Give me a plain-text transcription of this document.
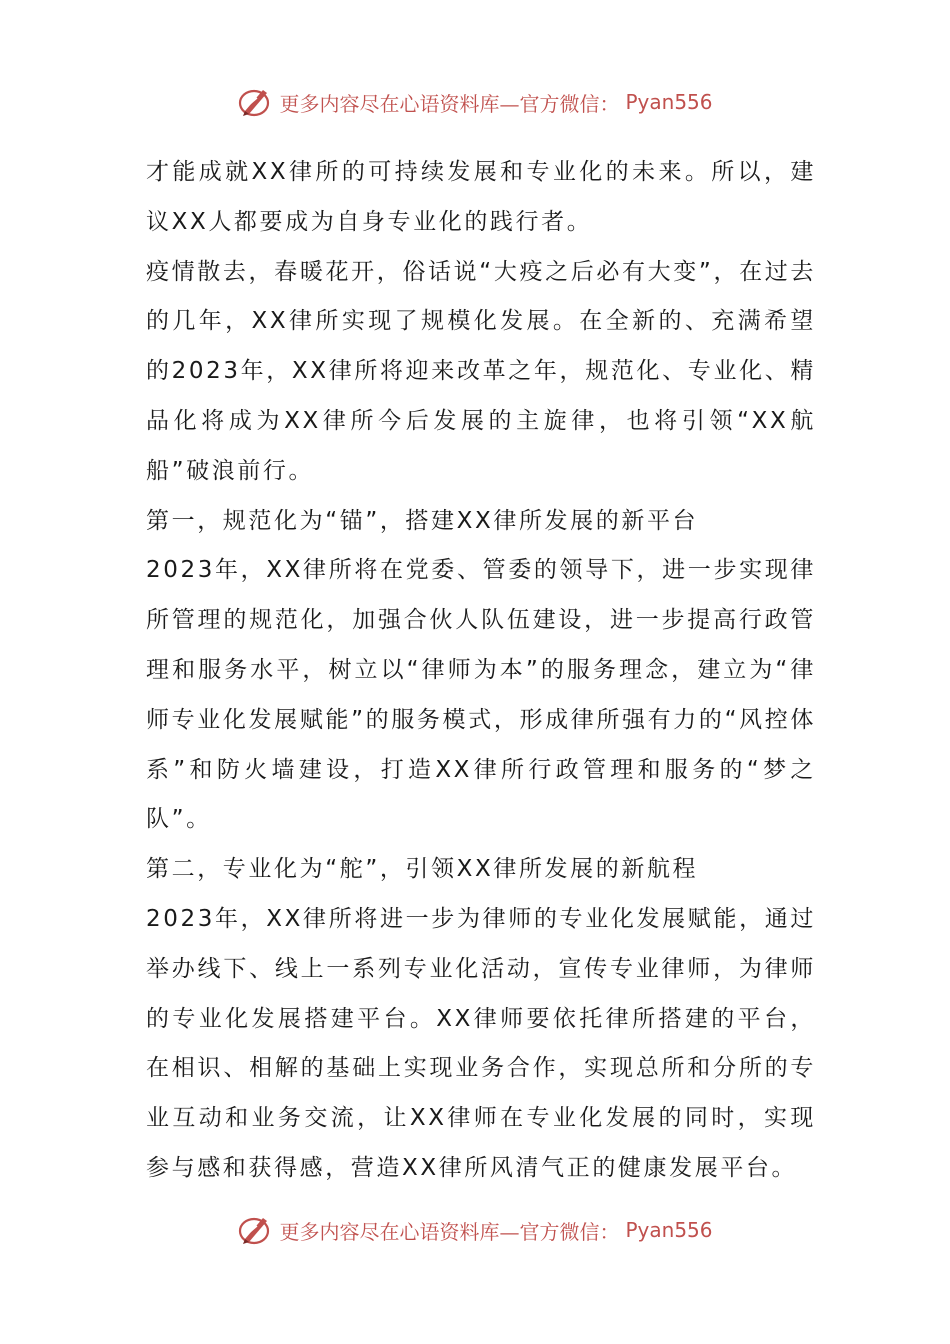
更多内容尽在心语资料库—官方微信： Pyan556

才能成就XX律所的可持续发展和专业化的未来。所以，建议XX人都要成为自身专业化的践行者。

疫情散去，春暖花开，俗话说“大疫之后必有大变”，在过去的几年，XX律所实现了规模化发展。在全新的、充满希望的2023年，XX律所将迎来改革之年，规范化、专业化、精品化将成为XX律所今后发展的主旋律，也将引领“XX航船”破浪前行。

第一，规范化为“锚”，搭建XX律所发展的新平台

2023年，XX律所将在党委、管委的领导下，进一步实现律所管理的规范化，加强合伙人队伍建设，进一步提高行政管理和服务水平，树立以“律师为本”的服务理念，建立为“律师专业化发展赋能”的服务模式，形成律所强有力的“风控体系”和防火墙建设，打造XX律所行政管理和服务的“梦之队”。

第二，专业化为“舵”，引领XX律所发展的新航程

2023年，XX律所将进一步为律师的专业化发展赋能，通过举办线下、线上一系列专业化活动，宣传专业律师，为律师的专业化发展搭建平台。XX律师要依托律所搭建的平台，在相识、相解的基础上实现业务合作，实现总所和分所的专业互动和业务交流，让XX律师在专业化发展的同时，实现参与感和获得感，营造XX律所风清气正的健康发展平台。

更多内容尽在心语资料库—官方微信： Pyan556
